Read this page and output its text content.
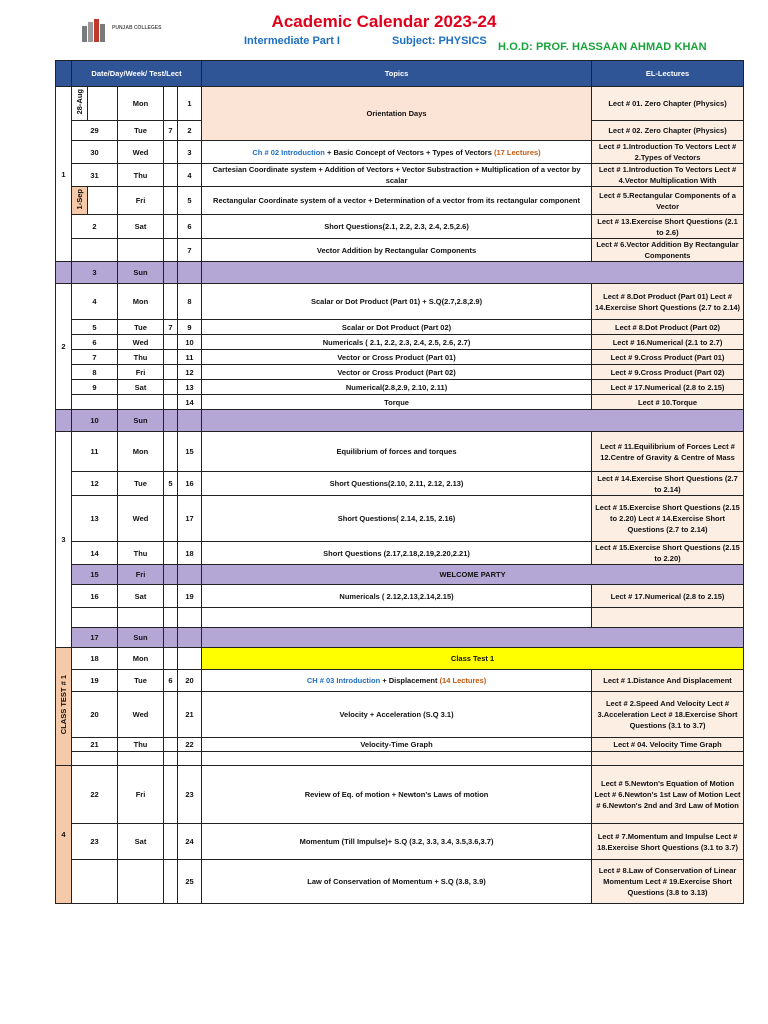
PUNJAB COLLEGES	Academic Calendar 2023-24
Intermediate Part I	Subject: PHYSICS H.O.D: PROF. HASSAAN AHMAD KHAN
	Date/Day/Week/ Test/Lect					Topics	EL-Lectures
1	28-Aug		Mon		1	Orientation Days	Lect # 01. Zero Chapter (Physics)
	29		Tue	7	2		Lect # 02. Zero Chapter (Physics)
	30		Wed		3	Ch # 02 Introduction + Basic Concept of Vectors + Types of Vectors (17 Lectures)	Lect # 1.Introduction To Vectors Lect # 2.Types of Vectors
	31		Thu		4	Cartesian Coordinate system + Addition of Vectors + Vector Substraction + Multiplication of a vector by scalar	Lect # 1.Introduction To Vectors Lect # 4.Vector Multiplication With
	1-Sep		Fri		5	Rectangular Coordinate system of a vector + Determination of a vector from its rectangular component	Lect # 5.Rectangular Components of a Vector
	2		Sat		6	Short Questions(2.1, 2.2, 2.3, 2.4, 2.5,2.6)	Lect # 13.Exercise Short Questions (2.1 to 2.6)
					7	Vector Addition by Rectangular Components	Lect # 6.Vector Addition By Rectangular Components
	3		Sun				
2	4		Mon		8	Scalar or Dot Product (Part 01) + S.Q(2.7,2.8,2.9)	Lect # 8.Dot Product (Part 01) Lect # 14.Exercise Short Questions (2.7 to 2.14)
	5		Tue	7	9	Scalar or Dot Product (Part 02)	Lect # 8.Dot Product (Part 02)
	6		Wed		10	Numericals ( 2.1, 2.2, 2.3, 2.4, 2.5, 2.6, 2.7)	Lect # 16.Numerical (2.1 to 2.7)
	7		Thu		11	Vector or Cross Product (Part 01)	Lect # 9.Cross Product (Part 01)
	8		Fri		12	Vector or Cross Product (Part 02)	Lect # 9.Cross Product (Part 02)
	9		Sat		13	Numerical(2.8,2.9, 2.10, 2.11)	Lect # 17.Numerical (2.8 to 2.15)
					14	Torque	Lect # 10.Torque
	10		Sun				
3	11		Mon		15	Equilibrium of forces and torques	Lect # 11.Equilibrium of Forces Lect # 12.Centre of Gravity & Centre of Mass
	12		Tue	5	16	Short Questions(2.10, 2.11, 2.12, 2.13)	Lect # 14.Exercise Short Questions (2.7 to 2.14)
	13		Wed		17	Short Questions( 2.14, 2.15, 2.16)	Lect # 15.Exercise Short Questions (2.15 to 2.20) Lect # 14.Exercise Short Questions (2.7 to 2.14)
	14		Thu		18	Short Questions (2.17,2.18,2.19,2.20,2.21)	Lect # 15.Exercise Short Questions (2.15 to 2.20)
	15		Fri			WELCOME PARTY	
	16		Sat		19	Numericals ( 2.12,2.13,2.14,2.15)	Lect # 17.Numerical (2.8 to 2.15)

	17		Sun				
CLASS TEST # 1	18		Mon			Class Test 1	
	19		Tue	6	20	CH # 03 Introduction + Displacement (14 Lectures)	Lect # 1.Distance And Displacement
	20		Wed		21	Velocity + Acceleration (S.Q 3.1)	Lect # 2.Speed And Velocity Lect # 3.Acceleration Lect # 18.Exercise Short Questions (3.1 to 3.7)
	21		Thu		22	Velocity-Time Graph	Lect # 04. Velocity Time Graph

4	22		Fri		23	Review of Eq. of motion + Newton's Laws of motion	Lect # 5.Newton's Equation of Motion Lect # 6.Newton's 1st Law of Motion Lect # 6.Newton's 2nd and 3rd Law of Motion
	23		Sat		24	Momentum (Till Impulse)+ S.Q (3.2, 3.3, 3.4, 3.5,3.6,3.7)	Lect # 7.Momentum and Impulse Lect # 18.Exercise Short Questions (3.1 to 3.7)
					25	Law of Conservation of Momentum + S.Q (3.8, 3.9)	Lect # 8.Law of Conservation of Linear Momentum Lect # 19.Exercise Short Questions (3.8 to 3.13)
